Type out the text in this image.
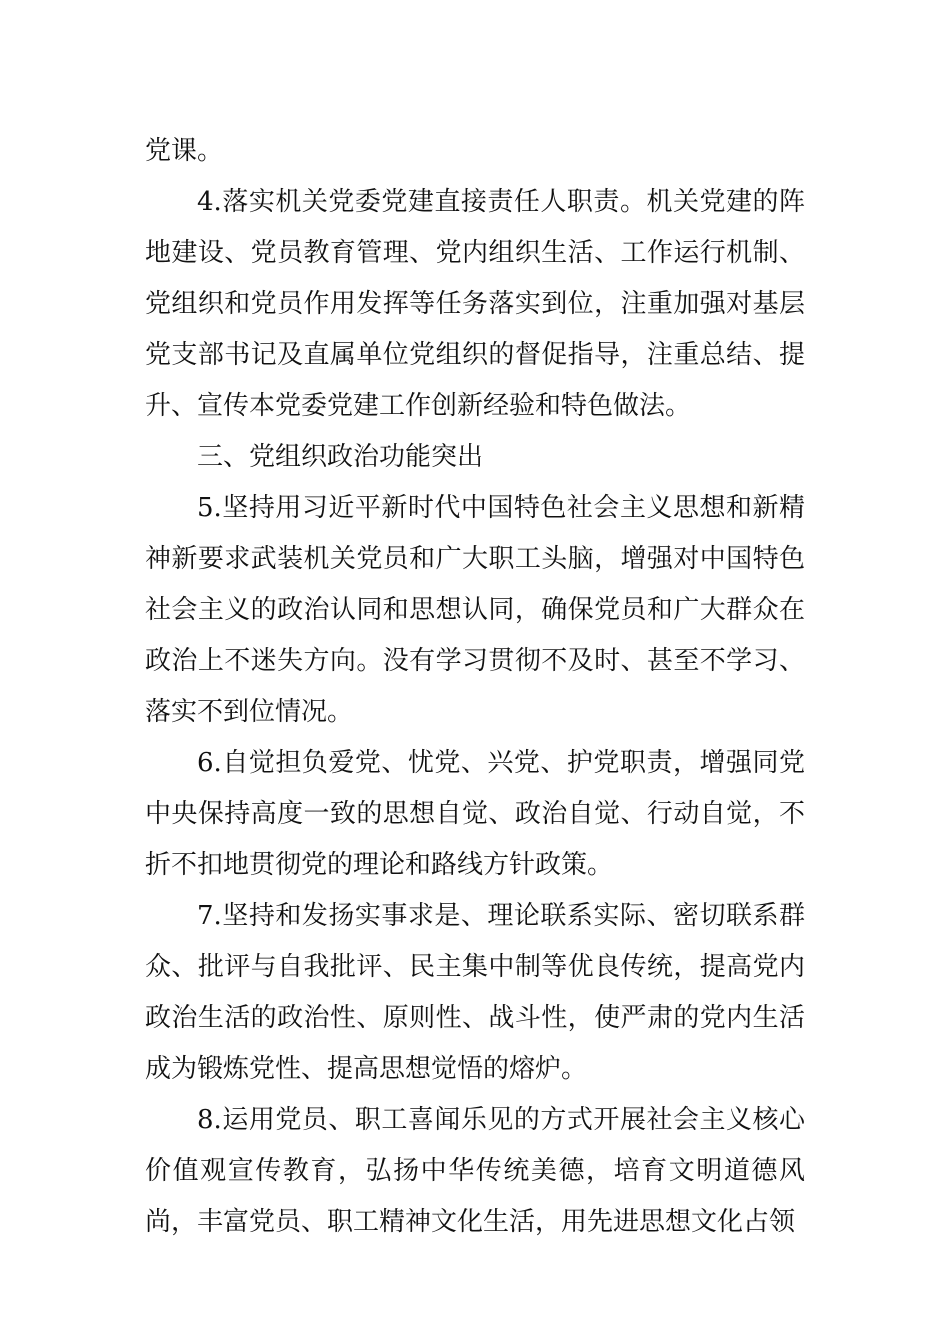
党课。

4.落实机关党委党建直接责任人职责。机关党建的阵地建设、党员教育管理、党内组织生活、工作运行机制、党组织和党员作用发挥等任务落实到位，注重加强对基层党支部书记及直属单位党组织的督促指导，注重总结、提升、宣传本党委党建工作创新经验和特色做法。

三、党组织政治功能突出

5.坚持用习近平新时代中国特色社会主义思想和新精神新要求武装机关党员和广大职工头脑，增强对中国特色社会主义的政治认同和思想认同，确保党员和广大群众在政治上不迷失方向。没有学习贯彻不及时、甚至不学习、落实不到位情况。

6.自觉担负爱党、忧党、兴党、护党职责，增强同党中央保持高度一致的思想自觉、政治自觉、行动自觉，不折不扣地贯彻党的理论和路线方针政策。

7.坚持和发扬实事求是、理论联系实际、密切联系群众、批评与自我批评、民主集中制等优良传统，提高党内政治生活的政治性、原则性、战斗性，使严肃的党内生活成为锻炼党性、提高思想觉悟的熔炉。

8.运用党员、职工喜闻乐见的方式开展社会主义核心价值观宣传教育，弘扬中华传统美德，培育文明道德风尚，丰富党员、职工精神文化生活，用先进思想文化占领
